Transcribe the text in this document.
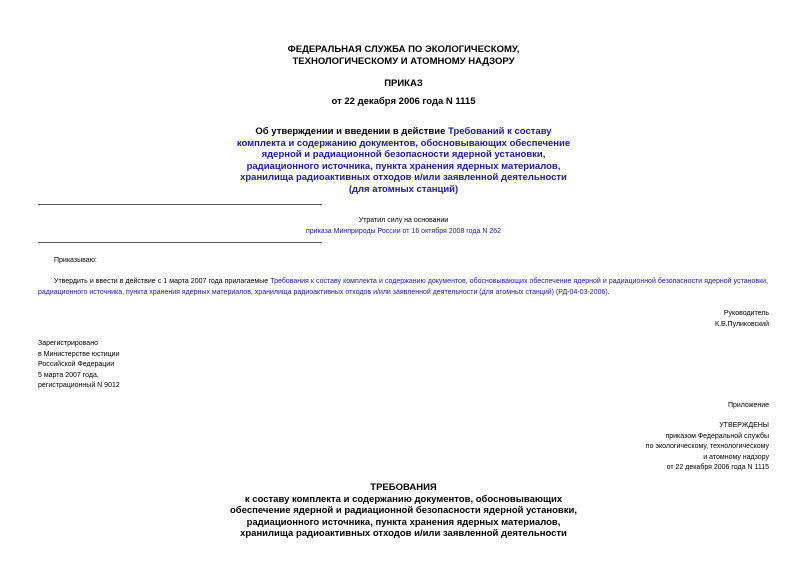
ФЕДЕРАЛЬНАЯ СЛУЖБА ПО ЭКОЛОГИЧЕСКОМУ,
ТЕХНОЛОГИЧЕСКОМУ И АТОМНОМУ НАДЗОРУ
ПРИКАЗ
от 22 декабря 2006 года N 1115
Об утверждении и введении в действие Требований к составу
комплекта и содержанию документов, обосновывающих обеспечение
ядерной и радиационной безопасности ядерной установки,
радиационного источника, пункта хранения ядерных материалов,
хранилища радиоактивных отходов и/или заявленной деятельности
(для атомных станций)
Утратил силу на основании
приказа Минприроды России от 16 октября 2008 года N 262
Приказываю:
Утвердить и ввести в действие с 1 марта 2007 года прилагаемые Требования к составу комплекта и содержанию документов, обосновывающих обеспечение ядерной и радиационной безопасности ядерной установки, радиационного источника, пункта хранения ядерных материалов, хранилища радиоактивных отходов и/или заявленной деятельности (для атомных станций) (РД-04-03-2006).
Руководитель
К.Б.Пуликовский
Зарегистрировано
в Министерстве юстиции
Российской Федерации
5 марта 2007 года,
регистрационный N 9012
Приложение
УТВЕРЖДЕНЫ
приказом Федеральной службы
по экологическому, технологическому
и атомному надзору
от 22 декабря 2006 года N 1115
ТРЕБОВАНИЯ
к составу комплекта и содержанию документов, обосновывающих
обеспечение ядерной и радиационной безопасности ядерной установки,
радиационного источника, пункта хранения ядерных материалов,
хранилища радиоактивных отходов и/или заявленной деятельности
